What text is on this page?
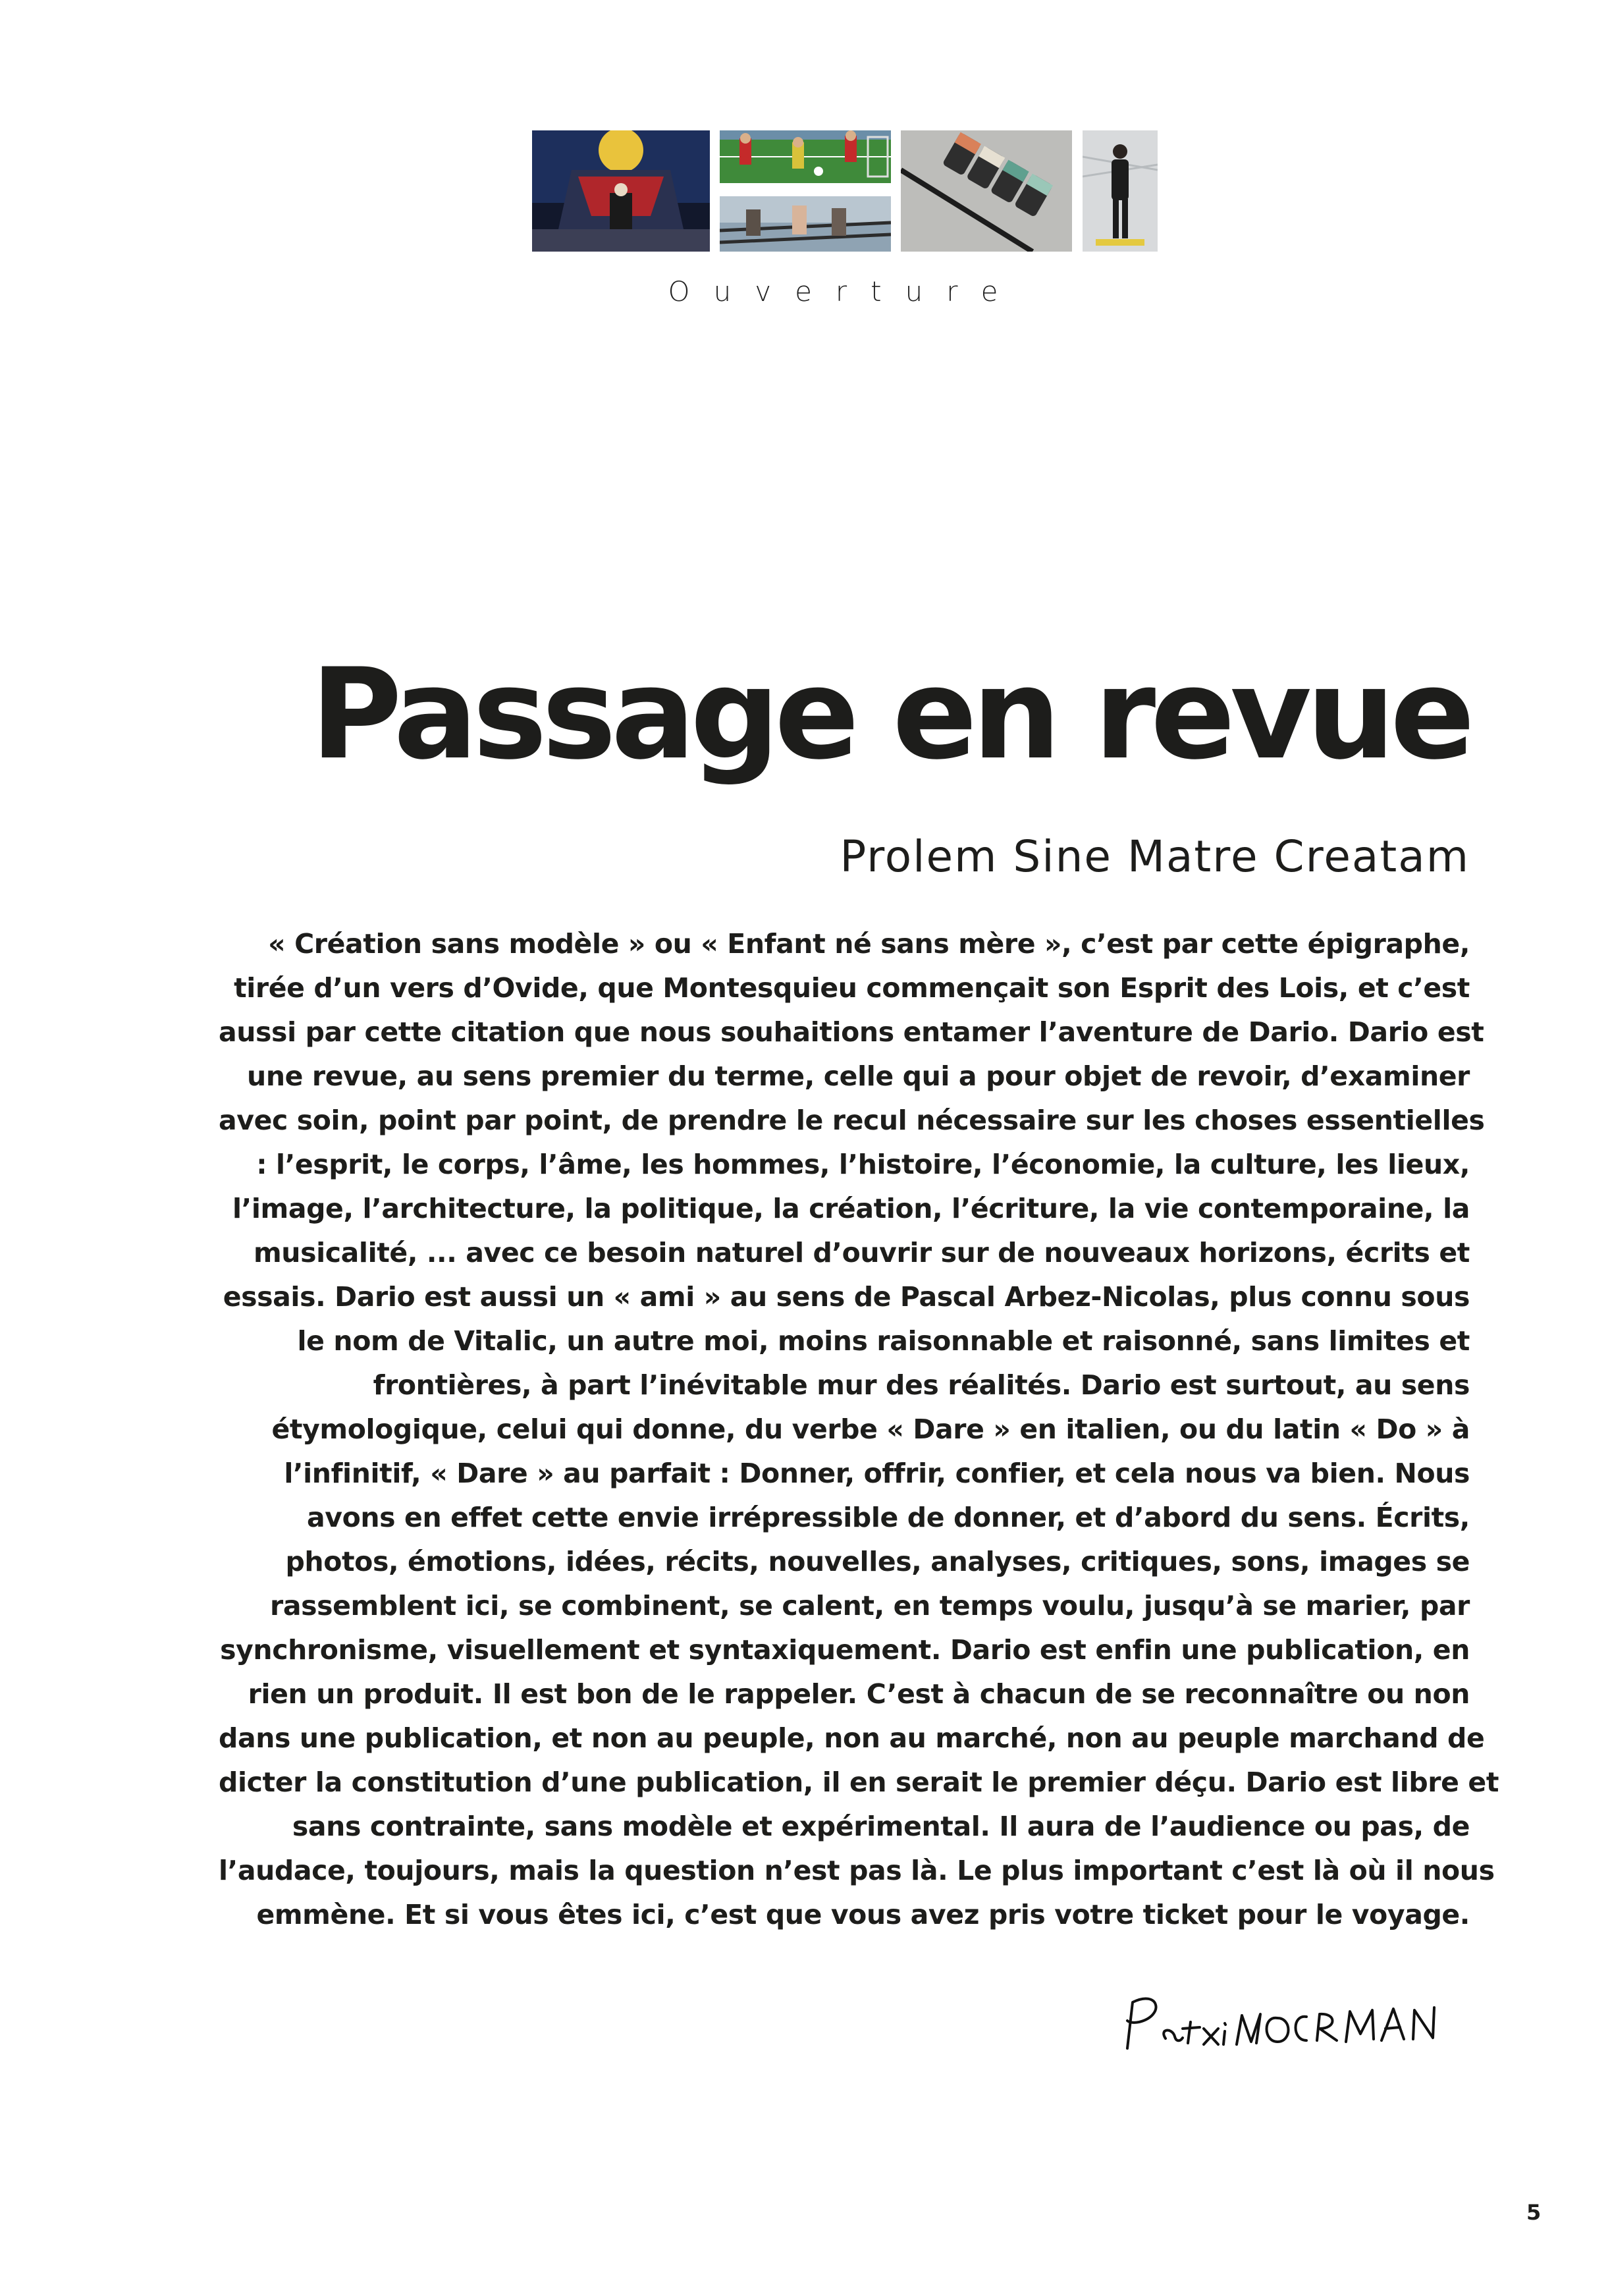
Ouverture
Passage en revue
Prolem Sine Matre Creatam
« Création sans modèle » ou « Enfant né sans mère », c’est par cette épigraphe,
tirée d’un vers d’Ovide, que Montesquieu commençait son Esprit des Lois, et c’est
aussi par cette citation que nous souhaitions entamer l’aventure de Dario. Dario est
une revue, au sens premier du terme, celle qui a pour objet de revoir, d’examiner
avec soin, point par point, de prendre le recul nécessaire sur les choses essentielles
: l’esprit, le corps, l’âme, les hommes, l’histoire, l’économie, la culture, les lieux,
l’image, l’architecture, la politique, la création, l’écriture, la vie contemporaine, la
musicalité, ... avec ce besoin naturel d’ouvrir sur de nouveaux horizons, écrits et
essais. Dario est aussi un « ami » au sens de Pascal Arbez-Nicolas, plus connu sous
le nom de Vitalic, un autre moi, moins raisonnable et raisonné, sans limites et
frontières, à part l’inévitable mur des réalités. Dario est surtout, au sens
étymologique, celui qui donne, du verbe « Dare » en italien, ou du latin « Do » à
l’infinitif, « Dare » au parfait : Donner, offrir, confier, et cela nous va bien. Nous
avons en effet cette envie irrépressible de donner, et d’abord du sens. Écrits,
photos, émotions, idées, récits, nouvelles, analyses, critiques, sons, images se
rassemblent ici, se combinent, se calent, en temps voulu, jusqu’à se marier, par
synchronisme, visuellement et syntaxiquement. Dario est enfin une publication, en
rien un produit. Il est bon de le rappeler. C’est à chacun de se reconnaître ou non
dans une publication, et non au peuple, non au marché, non au peuple marchand de
dicter la constitution d’une publication, il en serait le premier déçu. Dario est libre et
sans contrainte, sans modèle et expérimental. Il aura de l’audience ou pas, de
l’audace, toujours, mais la question n’est pas là. Le plus important c’est là où il nous
emmène. Et si vous êtes ici, c’est que vous avez pris votre ticket pour le voyage.
5
